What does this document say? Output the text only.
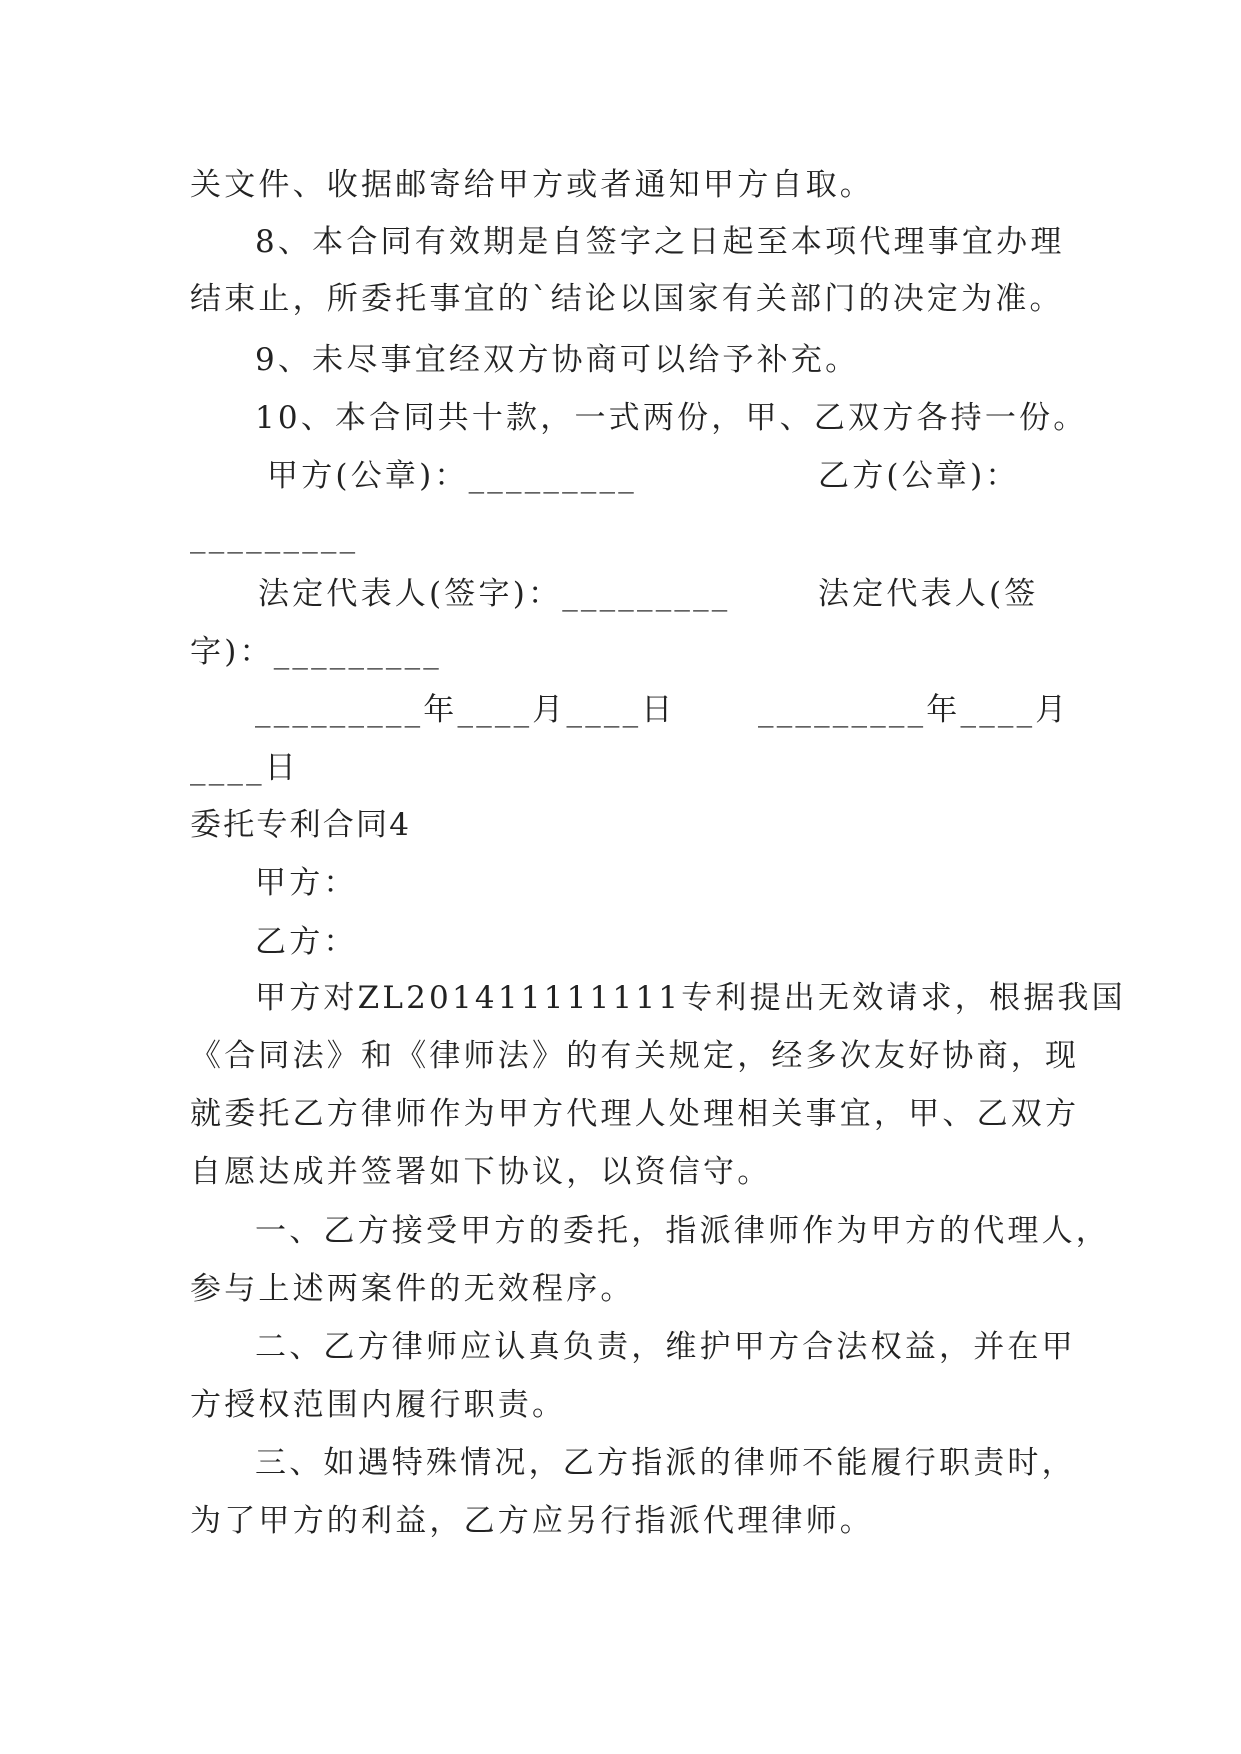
关文件、收据邮寄给甲方或者通知甲方自取。
8、本合同有效期是自签字之日起至本项代理事宜办理
结束止，所委托事宜的`结论以国家有关部门的决定为准。
9、未尽事宜经双方协商可以给予补充。
10、本合同共十款，一式两份，甲、乙双方各持一份。
甲方(公章)：_________	乙方(公章)：
_________
法定代表人(签字)：_________	法定代表人(签
字)：_________
_________年____月____日	_________年____月
____日
委托专利合同4
甲方：
乙方：
甲方对ZL201411111111专利提出无效请求，根据我国
《合同法》和《律师法》的有关规定，经多次友好协商，现
就委托乙方律师作为甲方代理人处理相关事宜，甲、乙双方
自愿达成并签署如下协议，以资信守。
一、乙方接受甲方的委托，指派律师作为甲方的代理人，
参与上述两案件的无效程序。
二、乙方律师应认真负责，维护甲方合法权益，并在甲
方授权范围内履行职责。
三、如遇特殊情况，乙方指派的律师不能履行职责时，
为了甲方的利益，乙方应另行指派代理律师。
